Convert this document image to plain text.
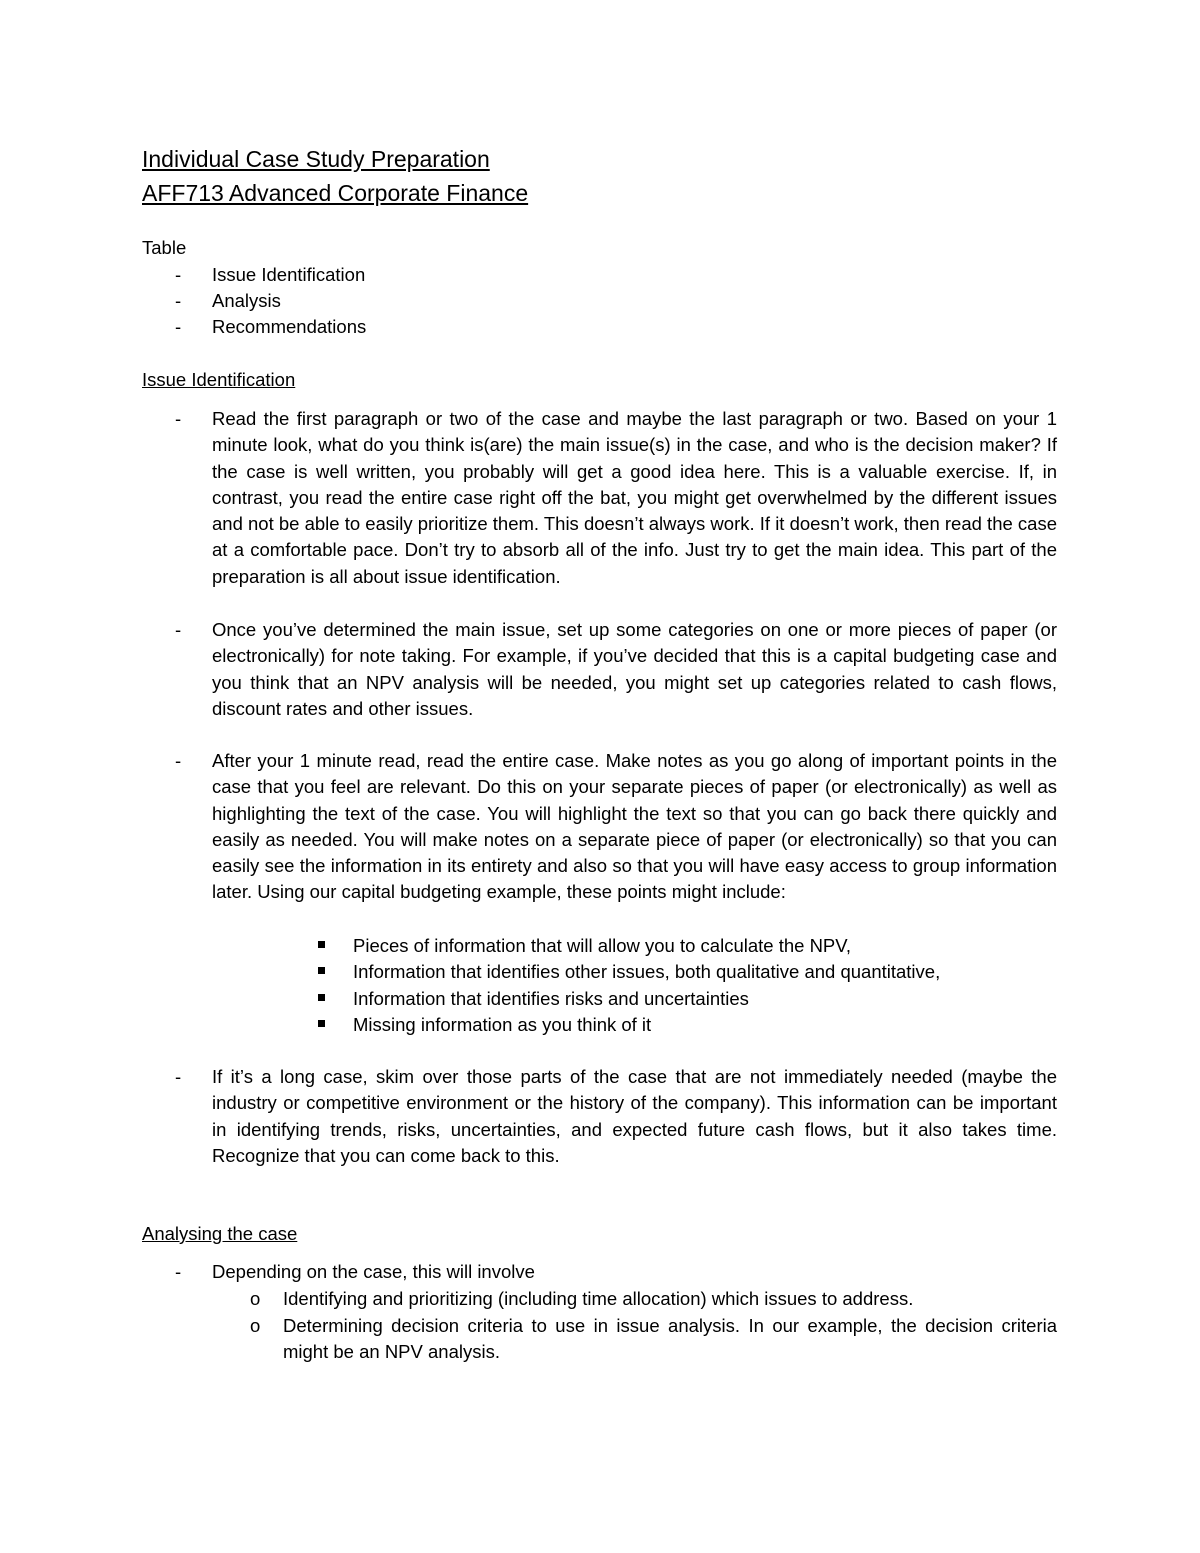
Individual Case Study Preparation
AFF713 Advanced Corporate Finance
Table
-	Issue Identification
-	Analysis
-	Recommendations
Issue Identification
-	Read the first paragraph or two of the case and maybe the last paragraph or two. Based on your 1 minute look, what do you think is(are) the main issue(s) in the case, and who is the decision maker? If the case is well written, you probably will get a good idea here. This is a valuable exercise. If, in contrast, you read the entire case right off the bat, you might get overwhelmed by the different issues and not be able to easily prioritize them. This doesn’t always work. If it doesn’t work, then read the case at a comfortable pace. Don’t try to absorb all of the info. Just try to get the main idea. This part of the preparation is all about issue identification.
-	Once you’ve determined the main issue, set up some categories on one or more pieces of paper (or electronically) for note taking. For example, if you’ve decided that this is a capital budgeting case and you think that an NPV analysis will be needed, you might set up categories related to cash flows, discount rates and other issues.
-	After your 1 minute read, read the entire case. Make notes as you go along of important points in the case that you feel are relevant. Do this on your separate pieces of paper (or electronically) as well as highlighting the text of the case. You will highlight the text so that you can go back there quickly and easily as needed. You will make notes on a separate piece of paper (or electronically) so that you can easily see the information in its entirety and also so that you will have easy access to group information later. Using our capital budgeting example, these points might include:
Pieces of information that will allow you to calculate the NPV,
Information that identifies other issues, both qualitative and quantitative,
Information that identifies risks and uncertainties
Missing information as you think of it
-	If it’s a long case, skim over those parts of the case that are not immediately needed (maybe the industry or competitive environment or the history of the company). This information can be important in identifying trends, risks, uncertainties, and expected future cash flows, but it also takes time. Recognize that you can come back to this.
Analysing the case
-	Depending on the case, this will involve
o Identifying and prioritizing (including time allocation) which issues to address.
o Determining decision criteria to use in issue analysis. In our example, the decision criteria might be an NPV analysis.
